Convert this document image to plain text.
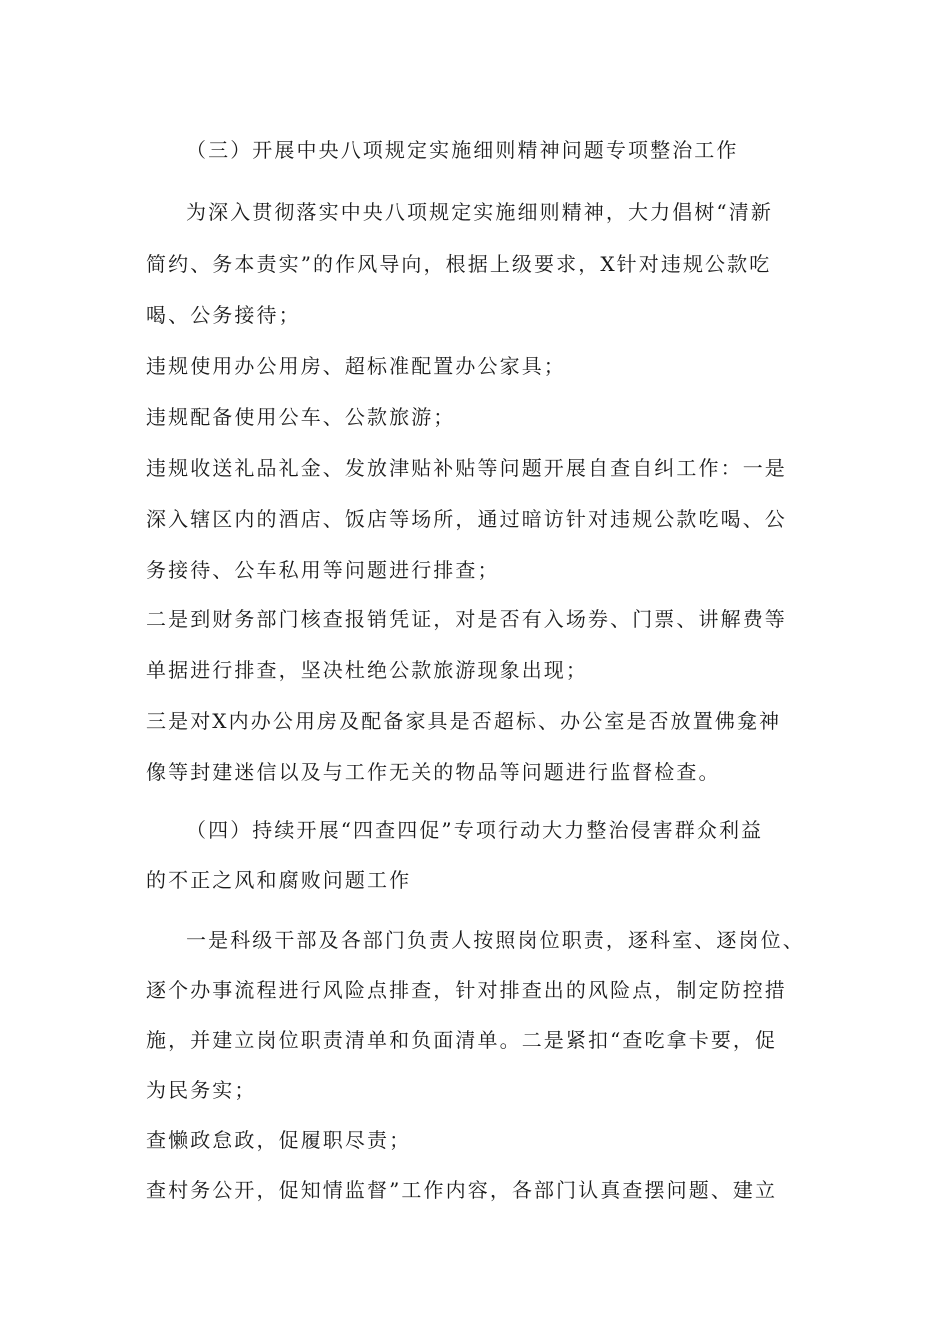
（三）开展中央八项规定实施细则精神问题专项整治工作
为深入贯彻落实中央八项规定实施细则精神，大力倡树“清新
简约、务本责实”的作风导向，根据上级要求，X针对违规公款吃
喝、公务接待；
违规使用办公用房、超标准配置办公家具；
违规配备使用公车、公款旅游；
违规收送礼品礼金、发放津贴补贴等问题开展自查自纠工作：一是
深入辖区内的酒店、饭店等场所，通过暗访针对违规公款吃喝、公
务接待、公车私用等问题进行排查；
二是到财务部门核查报销凭证，对是否有入场券、门票、讲解费等
单据进行排查，坚决杜绝公款旅游现象出现；
三是对X内办公用房及配备家具是否超标、办公室是否放置佛龛神
像等封建迷信以及与工作无关的物品等问题进行监督检查。
（四）持续开展“四查四促”专项行动大力整治侵害群众利益
的不正之风和腐败问题工作
一是科级干部及各部门负责人按照岗位职责，逐科室、逐岗位、
逐个办事流程进行风险点排查，针对排查出的风险点，制定防控措
施，并建立岗位职责清单和负面清单。二是紧扣“查吃拿卡要，促
为民务实；
查懒政怠政，促履职尽责；
查村务公开，促知情监督”工作内容，各部门认真查摆问题、建立
